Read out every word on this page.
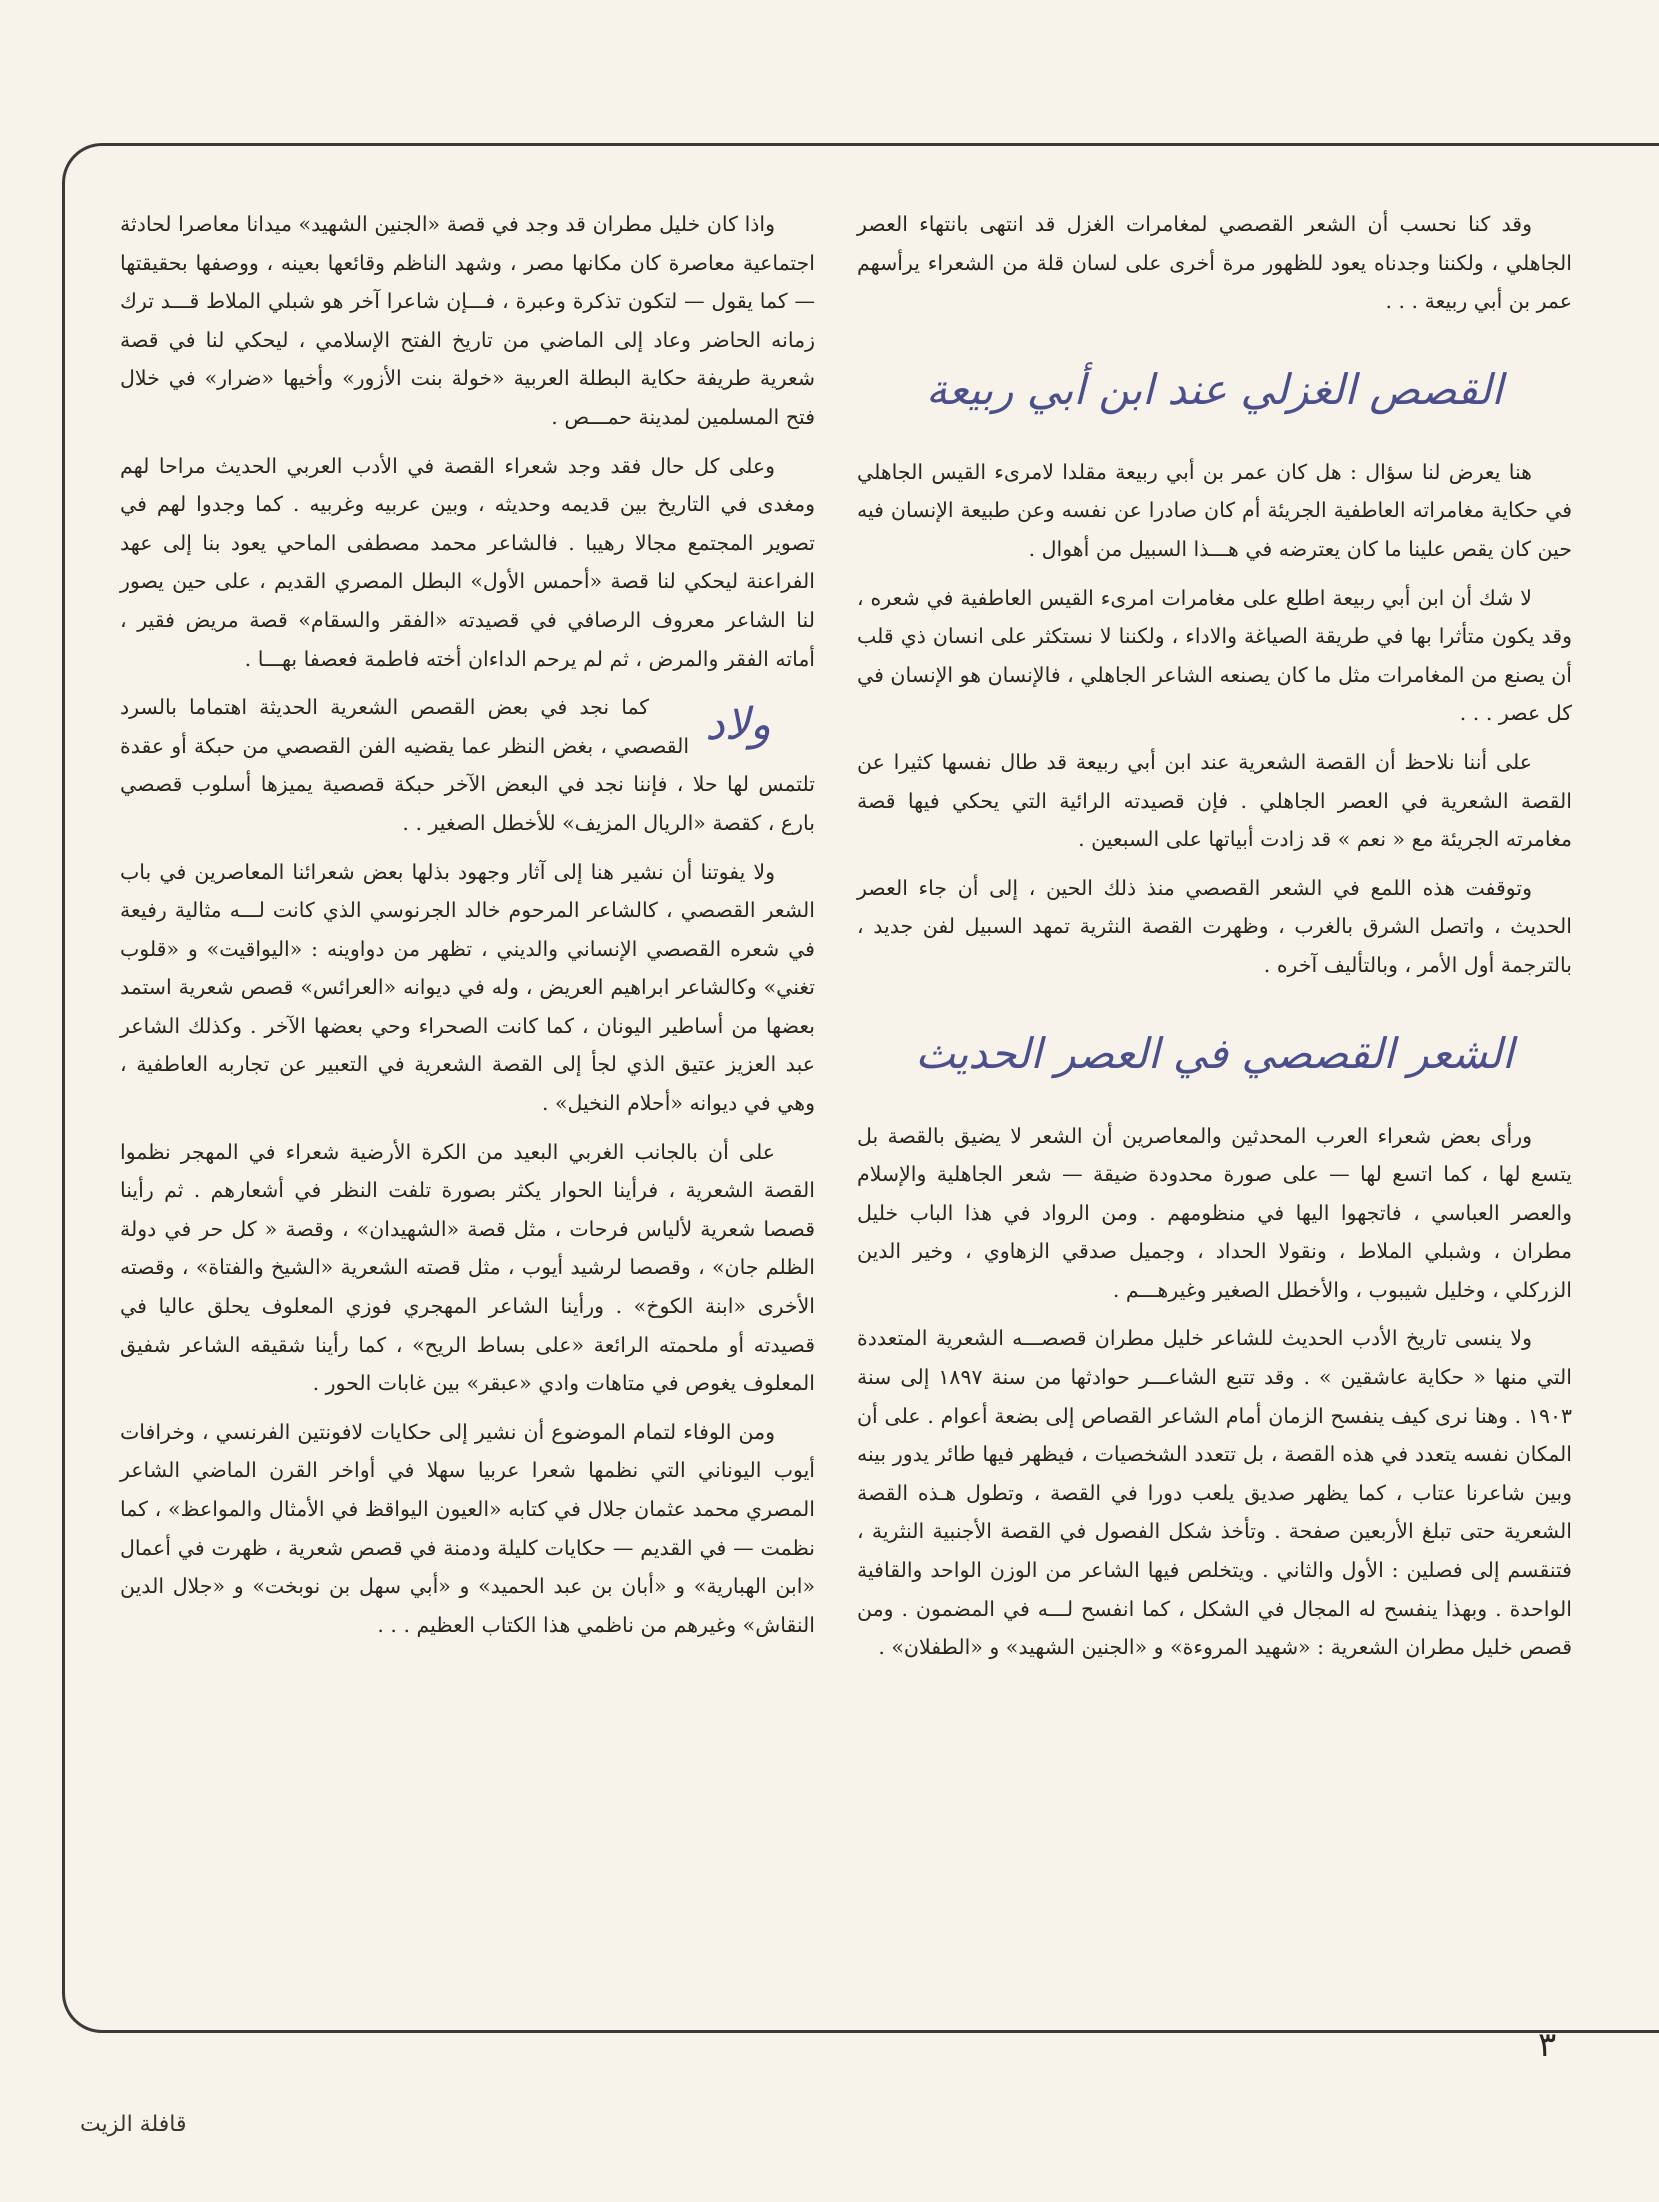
وقد كنا نحسب أن الشعر القصصي لمغامرات الغزل قد انتهى بانتهاء العصر الجاهلي ، ولكننا وجدناه يعود للظهور مرة أخرى على لسان قلة من الشعراء يرأسهم عمر بن أبي ربيعة . . .

القصص الغزلي عند ابن أبي ربيعة

هنا يعرض لنا سؤال : هل كان عمر بن أبي ربيعة مقلدا لامرىء القيس الجاهلي في حكاية مغامراته العاطفية الجريئة أم كان صادرا عن نفسه وعن طبيعة الإنسان فيه حين كان يقص علينا ما كان يعترضه في هـــذا السبيل من أهوال .

لا شك أن ابن أبي ربيعة اطلع على مغامرات امرىء القيس العاطفية في شعره ، وقد يكون متأثرا بها في طريقة الصياغة والاداء ، ولكننا لا نستكثر على انسان ذي قلب أن يصنع من المغامرات مثل ما كان يصنعه الشاعر الجاهلي ، فالإنسان هو الإنسان في كل عصر . . .

على أننا نلاحظ أن القصة الشعرية عند ابن أبي ربيعة قد طال نفسها كثيرا عن القصة الشعرية في العصر الجاهلي . فإن قصيدته الرائية التي يحكي فيها قصة مغامرته الجريئة مع « نعم » قد زادت أبياتها على السبعين .

وتوقفت هذه اللمع في الشعر القصصي منذ ذلك الحين ، إلى أن جاء العصر الحديث ، واتصل الشرق بالغرب ، وظهرت القصة النثرية تمهد السبيل لفن جديد ، بالترجمة أول الأمر ، وبالتأليف آخره .

الشعر القصصي في العصر الحديث

ورأى بعض شعراء العرب المحدثين والمعاصرين أن الشعر لا يضيق بالقصة بل يتسع لها ، كما اتسع لها — على صورة محدودة ضيقة — شعر الجاهلية والإسلام والعصر العباسي ، فاتجهوا اليها في منظومهم . ومن الرواد في هذا الباب خليل مطران ، وشبلي الملاط ، ونقولا الحداد ، وجميل صدقي الزهاوي ، وخير الدين الزركلي ، وخليل شيبوب ، والأخطل الصغير وغيرهـــم .

ولا ينسى تاريخ الأدب الحديث للشاعر خليل مطران قصصـــه الشعرية المتعددة التي منها « حكاية عاشقين » . وقد تتبع الشاعـــر حوادثها من سنة ١٨٩٧ إلى سنة ١٩٠٣ . وهنا نرى كيف ينفسح الزمان أمام الشاعر القصاص إلى بضعة أعوام . على أن المكان نفسه يتعدد في هذه القصة ، بل تتعدد الشخصيات ، فيظهر فيها طائر يدور بينه وبين شاعرنا عتاب ، كما يظهر صديق يلعب دورا في القصة ، وتطول هـذه القصة الشعرية حتى تبلغ الأربعين صفحة . وتأخذ شكل الفصول في القصة الأجنبية النثرية ، فتنقسم إلى فصلين : الأول والثاني . ويتخلص فيها الشاعر من الوزن الواحد والقافية الواحدة . وبهذا ينفسح له المجال في الشكل ، كما انفسح لـــه في المضمون . ومن قصص خليل مطران الشعرية : «شهيد المروءة» و «الجنين الشهيد» و «الطفلان» .

واذا كان خليل مطران قد وجد في قصة «الجنين الشهيد» ميدانا معاصرا لحادثة اجتماعية معاصرة كان مكانها مصر ، وشهد الناظم وقائعها بعينه ، ووصفها بحقيقتها — كما يقول — لتكون تذكرة وعبرة ، فـــإن شاعرا آخر هو شبلي الملاط قـــد ترك زمانه الحاضر وعاد إلى الماضي من تاريخ الفتح الإسلامي ، ليحكي لنا في قصة شعرية طريفة حكاية البطلة العربية «خولة بنت الأزور» وأخيها «ضرار» في خلال فتح المسلمين لمدينة حمـــص .

وعلى كل حال فقد وجد شعراء القصة في الأدب العربي الحديث مراحا لهم ومغدى في التاريخ بين قديمه وحديثه ، وبين عربيه وغربيه . كما وجدوا لهم في تصوير المجتمع مجالا رهيبا . فالشاعر محمد مصطفى الماحي يعود بنا إلى عهد الفراعنة ليحكي لنا قصة «أحمس الأول» البطل المصري القديم ، على حين يصور لنا الشاعر معروف الرصافي في قصيدته «الفقر والسقام» قصة مريض فقير ، أماته الفقر والمرض ، ثم لم يرحم الداءان أخته فاطمة فعصفا بهـــا .

ولاد
كما نجد في بعض القصص الشعرية الحديثة اهتماما بالسرد القصصي ، بغض النظر عما يقضيه الفن القصصي من حبكة أو عقدة تلتمس لها حلا ، فإننا نجد في البعض الآخر حبكة قصصية يميزها أسلوب قصصي بارع ، كقصة «الريال المزيف» للأخطل الصغير . .

ولا يفوتنا أن نشير هنا إلى آثار وجهود بذلها بعض شعرائنا المعاصرين في باب الشعر القصصي ، كالشاعر المرحوم خالد الجرنوسي الذي كانت لـــه مثالية رفيعة في شعره القصصي الإنساني والديني ، تظهر من دواوينه : «اليواقيت» و «قلوب تغني» وكالشاعر ابراهيم العريض ، وله في ديوانه «العرائس» قصص شعرية استمد بعضها من أساطير اليونان ، كما كانت الصحراء وحي بعضها الآخر . وكذلك الشاعر عبد العزيز عتيق الذي لجأ إلى القصة الشعرية في التعبير عن تجاربه العاطفية ، وهي في ديوانه «أحلام النخيل» .

على أن بالجانب الغربي البعيد من الكرة الأرضية شعراء في المهجر نظموا القصة الشعرية ، فرأينا الحوار يكثر بصورة تلفت النظر في أشعارهم . ثم رأينا قصصا شعرية لألياس فرحات ، مثل قصة «الشهيدان» ، وقصة « كل حر في دولة الظلم جان» ، وقصصا لرشيد أيوب ، مثل قصته الشعرية «الشيخ والفتاة» ، وقصته الأخرى «ابنة الكوخ» . ورأينا الشاعر المهجري فوزي المعلوف يحلق عاليا في قصيدته أو ملحمته الرائعة «على بساط الريح» ، كما رأينا شقيقه الشاعر شفيق المعلوف يغوص في متاهات وادي «عبقر» بين غابات الحور .

ومن الوفاء لتمام الموضوع أن نشير إلى حكايات لافونتين الفرنسي ، وخرافات أيوب اليوناني التي نظمها شعرا عربيا سهلا في أواخر القرن الماضي الشاعر المصري محمد عثمان جلال في كتابه «العيون اليواقظ في الأمثال والمواعظ» ، كما نظمت — في القديم — حكايات كليلة ودمنة في قصص شعرية ، ظهرت في أعمال «ابن الهبارية» و «أبان بن عبد الحميد» و «أبي سهل بن نوبخت» و «جلال الدين النقاش» وغيرهم من ناظمي هذا الكتاب العظيم . . .

٣
قافلة الزيت
